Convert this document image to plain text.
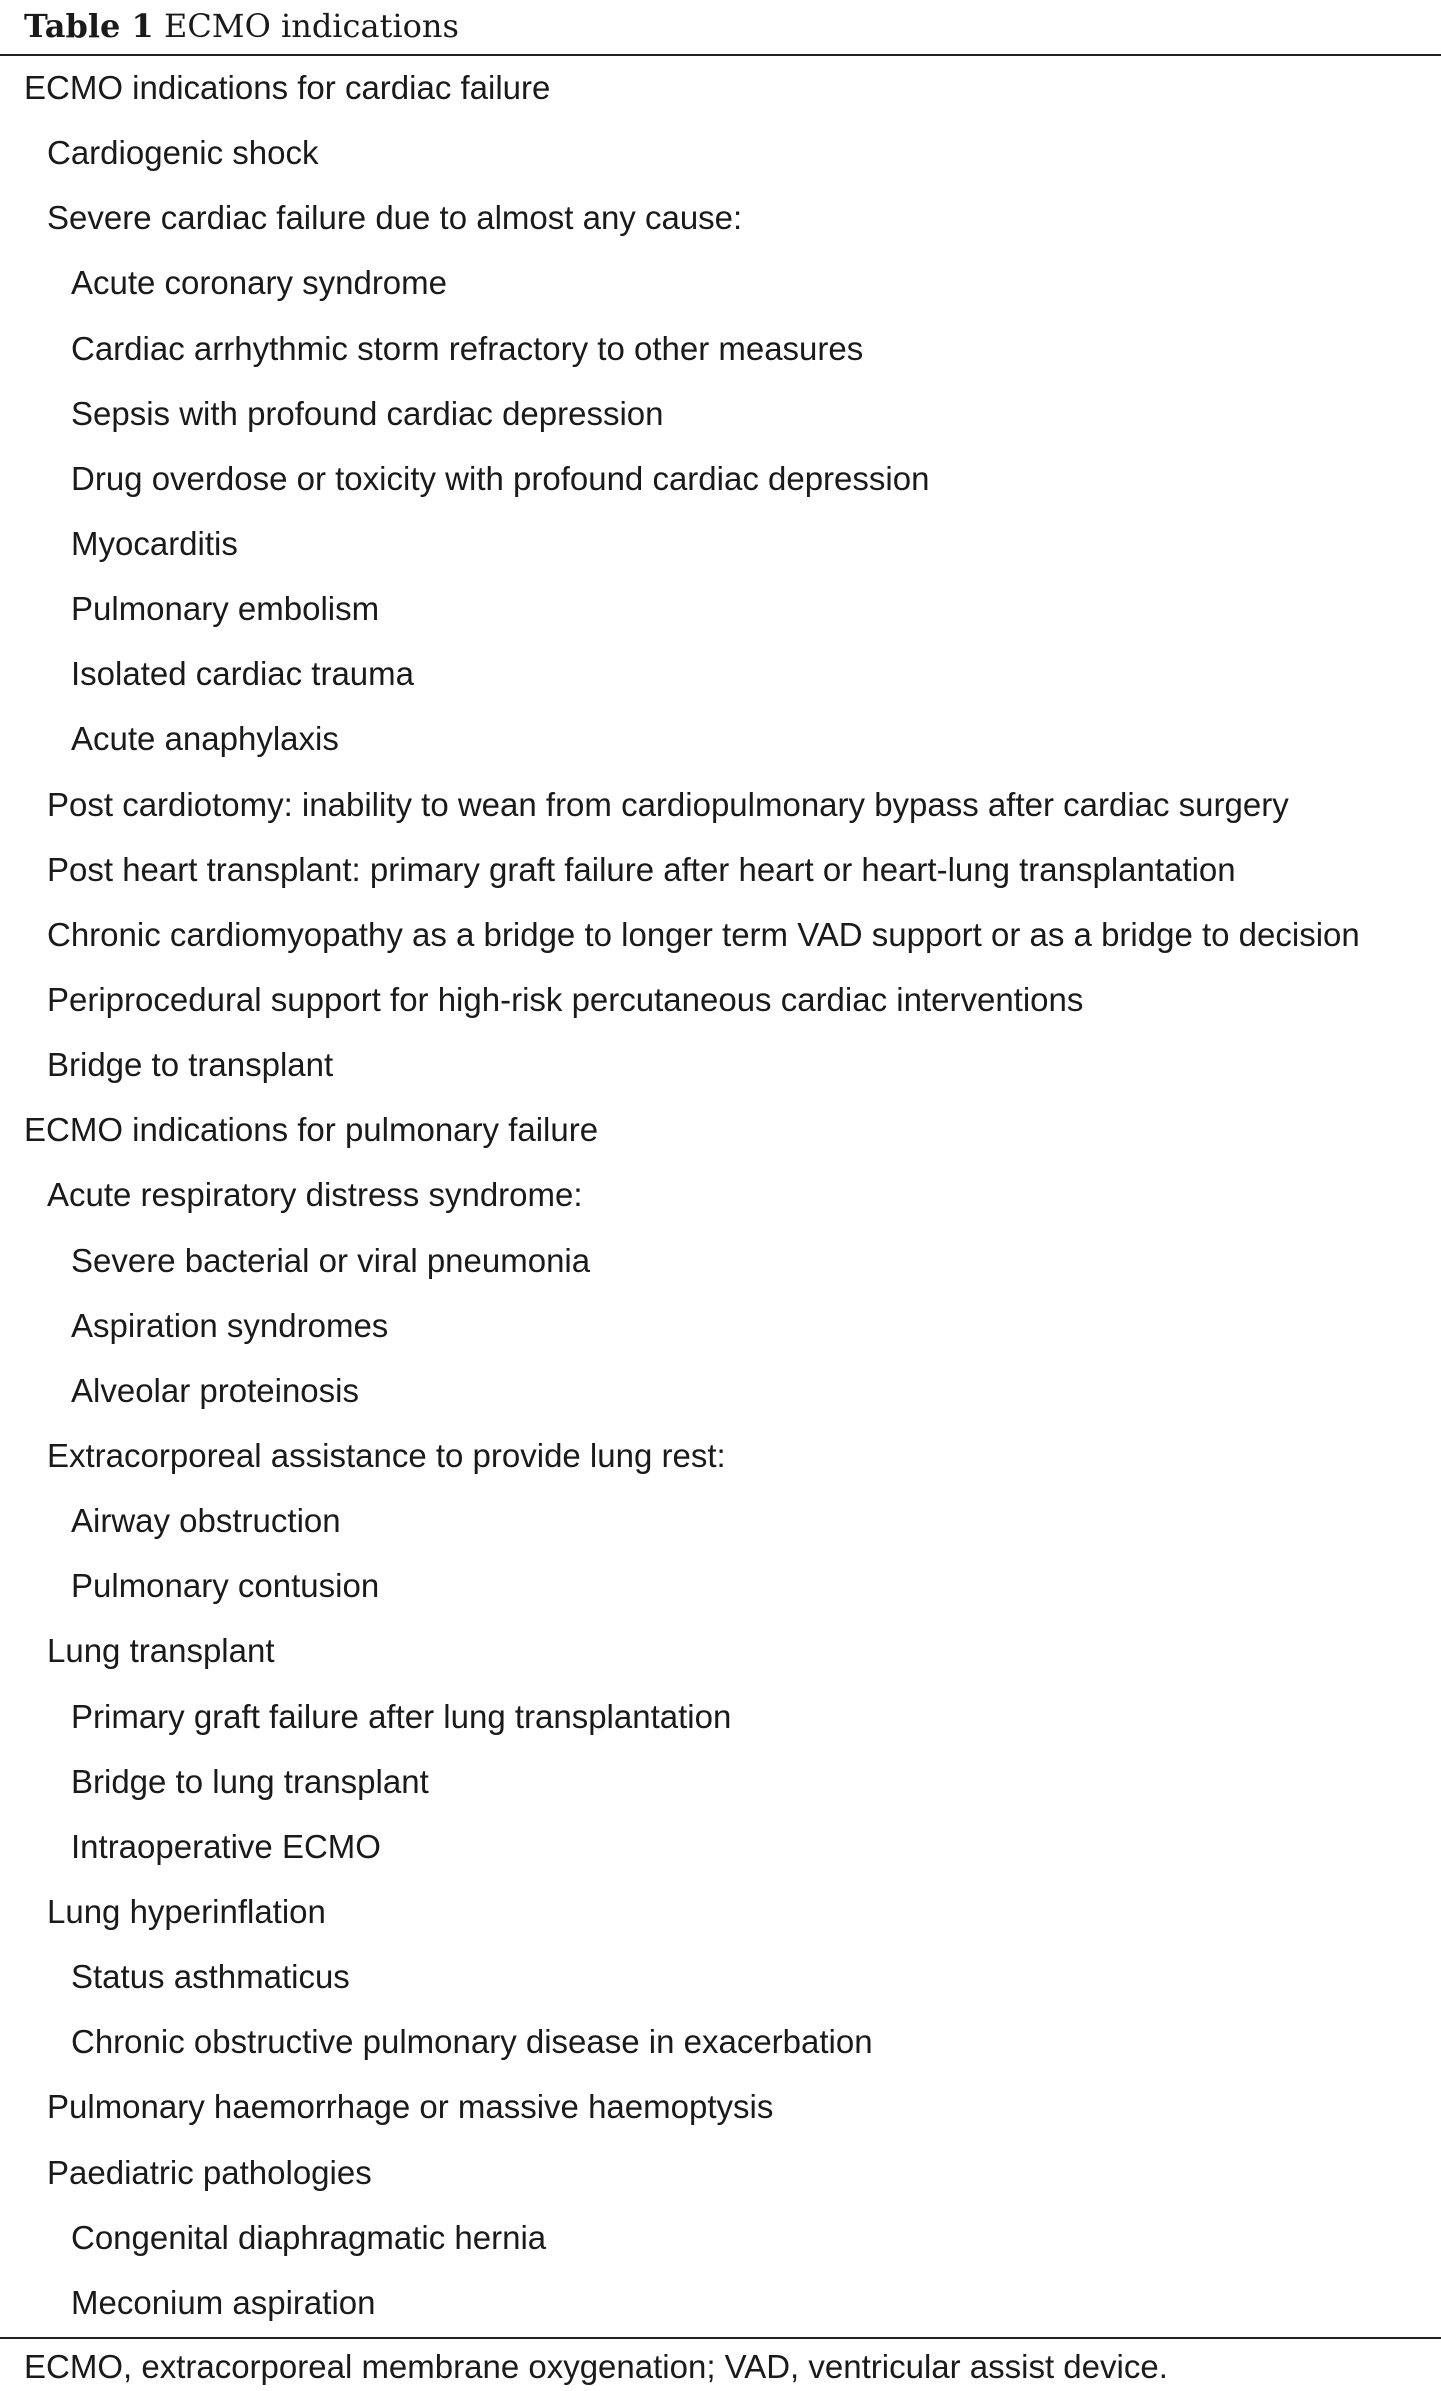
Table 1 ECMO indications
ECMO indications for cardiac failure
Cardiogenic shock
Severe cardiac failure due to almost any cause:
Acute coronary syndrome
Cardiac arrhythmic storm refractory to other measures
Sepsis with profound cardiac depression
Drug overdose or toxicity with profound cardiac depression
Myocarditis
Pulmonary embolism
Isolated cardiac trauma
Acute anaphylaxis
Post cardiotomy: inability to wean from cardiopulmonary bypass after cardiac surgery
Post heart transplant: primary graft failure after heart or heart-lung transplantation
Chronic cardiomyopathy as a bridge to longer term VAD support or as a bridge to decision
Periprocedural support for high-risk percutaneous cardiac interventions
Bridge to transplant
ECMO indications for pulmonary failure
Acute respiratory distress syndrome:
Severe bacterial or viral pneumonia
Aspiration syndromes
Alveolar proteinosis
Extracorporeal assistance to provide lung rest:
Airway obstruction
Pulmonary contusion
Lung transplant
Primary graft failure after lung transplantation
Bridge to lung transplant
Intraoperative ECMO
Lung hyperinflation
Status asthmaticus
Chronic obstructive pulmonary disease in exacerbation
Pulmonary haemorrhage or massive haemoptysis
Paediatric pathologies
Congenital diaphragmatic hernia
Meconium aspiration
ECMO, extracorporeal membrane oxygenation; VAD, ventricular assist device.
